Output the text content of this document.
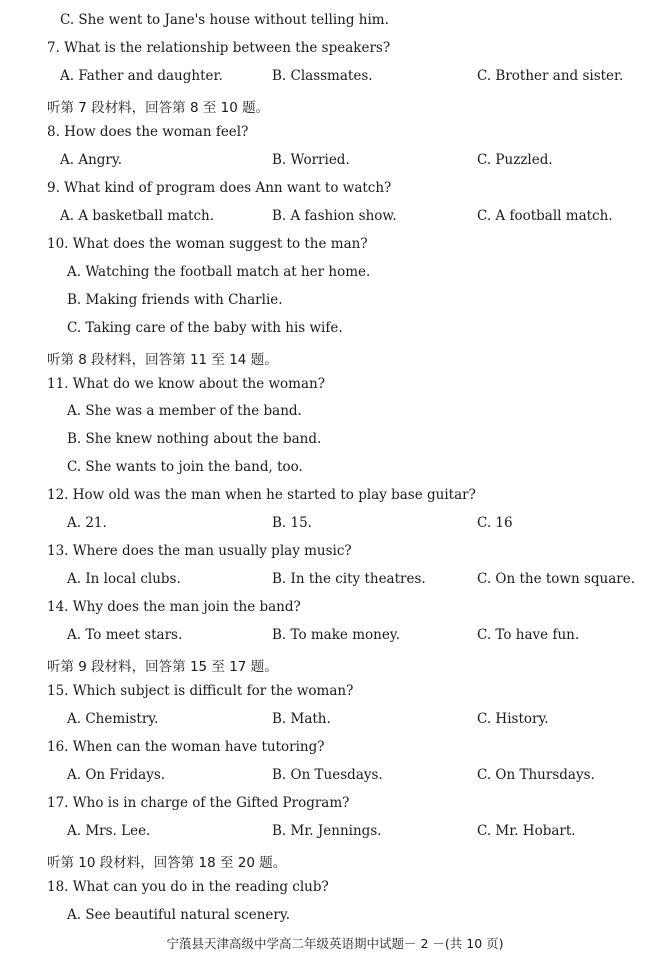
C. She went to Jane's house without telling him.
7. What is the relationship between the speakers?
A. Father and daughter.	B. Classmates.	C. Brother and sister.
听第 7 段材料，回答第 8 至 10 题。
8. How does the woman feel?
A. Angry.	B. Worried.	C. Puzzled.
9. What kind of program does Ann want to watch?
A. A basketball match.	B. A fashion show.	C. A football match.
10. What does the woman suggest to the man?
A. Watching the football match at her home.
B. Making friends with Charlie.
C. Taking care of the baby with his wife.
听第 8 段材料，回答第 11 至 14 题。
11. What do we know about the woman?
A. She was a member of the band.
B. She knew nothing about the band.
C. She wants to join the band, too.
12. How old was the man when he started to play base guitar?
A. 21.	B. 15.	C. 16
13. Where does the man usually play music?
A. In local clubs.	B. In the city theatres.	C. On the town square.
14. Why does the man join the band?
A. To meet stars.	B. To make money.	C. To have fun.
听第 9 段材料，回答第 15 至 17 题。
15. Which subject is difficult for the woman?
A. Chemistry.	B. Math.	C. History.
16. When can the woman have tutoring?
A. On Fridays.	B. On Tuesdays.	C. On Thursdays.
17. Who is in charge of the Gifted Program?
A. Mrs. Lee.	B. Mr. Jennings.	C. Mr. Hobart.
听第 10 段材料，回答第 18 至 20 题。
18. What can you do in the reading club?
A. See beautiful natural scenery.
宁蒗县天津高级中学高二年级英语期中试题－ 2 －(共 10 页)
